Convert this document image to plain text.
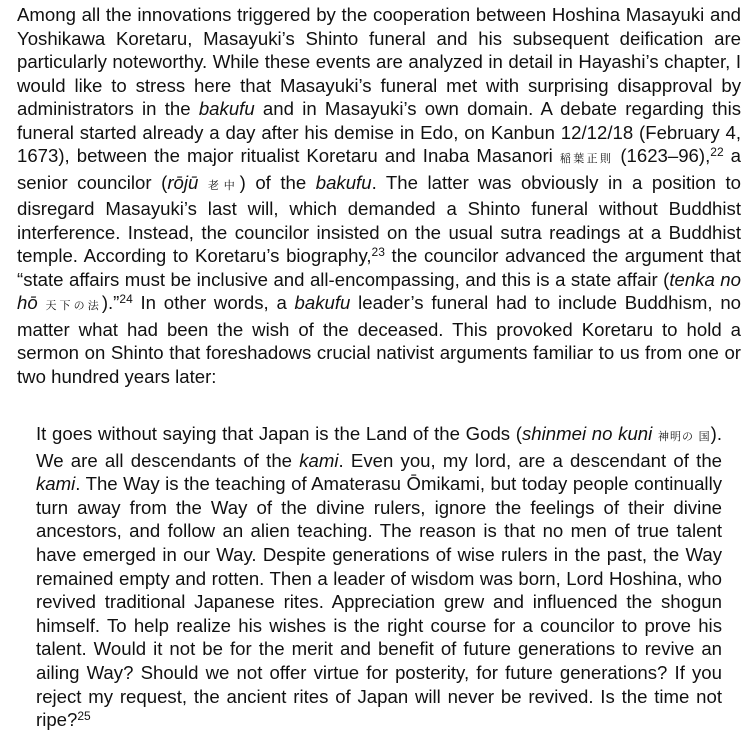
Among all the innovations triggered by the cooperation between Hoshina Masayuki and Yoshikawa Koretaru, Masayuki’s Shinto funeral and his subsequent deification are particularly noteworthy. While these events are analyzed in detail in Hayashi’s chapter, I would like to stress here that Masayuki’s funeral met with surprising disapproval by administrators in the bakufu and in Masayuki’s own domain. A debate regarding this funeral started already a day after his demise in Edo, on Kanbun 12/12/18 (February 4, 1673), between the major ritualist Koretaru and Inaba Masanori 稲葉正則 (1623–96),$^{22}$ a senior councilor (rōjū 老中) of the bakufu. The latter was obviously in a position to disregard Masayuki’s last will, which demanded a Shinto funeral without Buddhist interference. Instead, the councilor insisted on the usual sutra readings at a Buddhist temple. According to Koretaru’s biography,$^{23}$ the councilor advanced the argument that “state affairs must be inclusive and all-encompassing, and this is a state affair (tenka no hō 天下の法).”$^{24}$ In other words, a bakufu leader’s funeral had to include Buddhism, no matter what had been the wish of the deceased. This provoked Koretaru to hold a sermon on Shinto that foreshadows crucial nativist arguments familiar to us from one or two hundred years later:

It goes without saying that Japan is the Land of the Gods (shinmei no kuni 神明の 国). We are all descendants of the kami. Even you, my lord, are a descendant of the kami. The Way is the teaching of Amaterasu Ōmikami, but today people continually turn away from the Way of the divine rulers, ignore the feelings of their divine ancestors, and follow an alien teaching. The reason is that no men of true talent have emerged in our Way. Despite generations of wise rulers in the past, the Way remained empty and rotten. Then a leader of wisdom was born, Lord Hoshina, who revived traditional Japanese rites. Appreciation grew and influenced the shogun himself. To help realize his wishes is the right course for a councilor to prove his talent. Would it not be for the merit and benefit of future generations to revive an ailing Way? Should we not offer virtue for posterity, for future generations? If you reject my request, the ancient rites of Japan will never be revived. Is the time not ripe?$^{25}$
